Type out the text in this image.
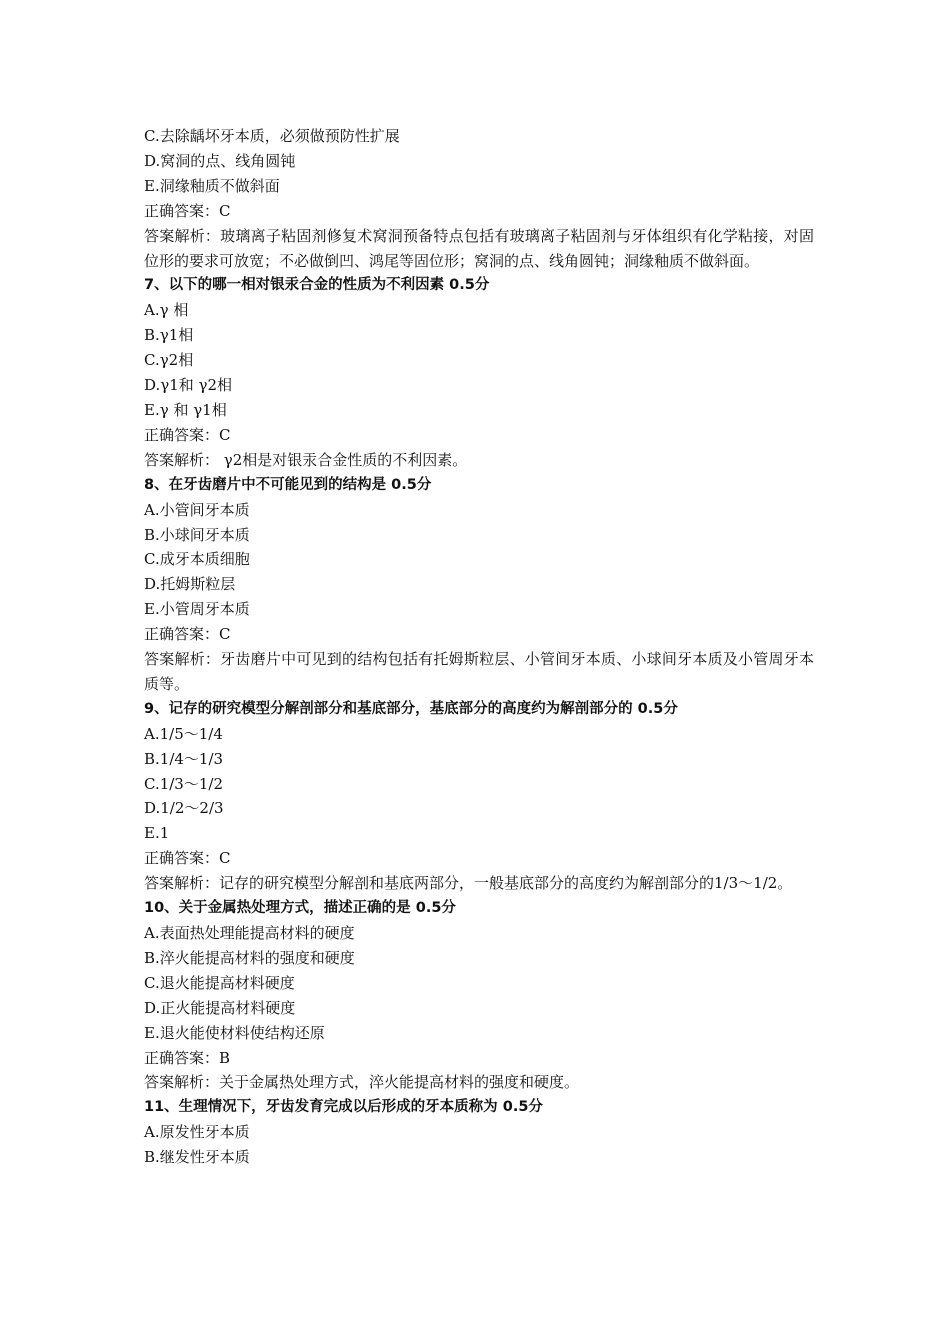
C.去除龋坏牙本质，必须做预防性扩展

D.窝洞的点、线角圆钝

E.洞缘釉质不做斜面

正确答案：C

答案解析：玻璃离子粘固剂修复术窝洞预备特点包括有玻璃离子粘固剂与牙体组织有化学粘接，对固位形的要求可放宽；不必做倒凹、鸿尾等固位形；窝洞的点、线角圆钝；洞缘釉质不做斜面。

7、以下的哪一相对银汞合金的性质为不利因素 0.5分

A.γ 相

B.γ1相

C.γ2相

D.γ1和 γ2相

E.γ 和 γ1相

正确答案：C

答案解析： γ2相是对银汞合金性质的不利因素。

8、在牙齿磨片中不可能见到的结构是 0.5分

A.小管间牙本质

B.小球间牙本质

C.成牙本质细胞

D.托姆斯粒层

E.小管周牙本质

正确答案：C

答案解析：牙齿磨片中可见到的结构包括有托姆斯粒层、小管间牙本质、小球间牙本质及小管周牙本质等。

9、记存的研究模型分解剖部分和基底部分，基底部分的高度约为解剖部分的 0.5分

A.1/5～1/4

B.1/4～1/3

C.1/3～1/2

D.1/2～2/3

E.1

正确答案：C

答案解析：记存的研究模型分解剖和基底两部分，一般基底部分的高度约为解剖部分的1/3～1/2。

10、关于金属热处理方式，描述正确的是 0.5分

A.表面热处理能提高材料的硬度

B.淬火能提高材料的强度和硬度

C.退火能提高材料硬度

D.正火能提高材料硬度

E.退火能使材料使结构还原

正确答案：B

答案解析：关于金属热处理方式，淬火能提高材料的强度和硬度。

11、生理情况下，牙齿发育完成以后形成的牙本质称为 0.5分

A.原发性牙本质

B.继发性牙本质
